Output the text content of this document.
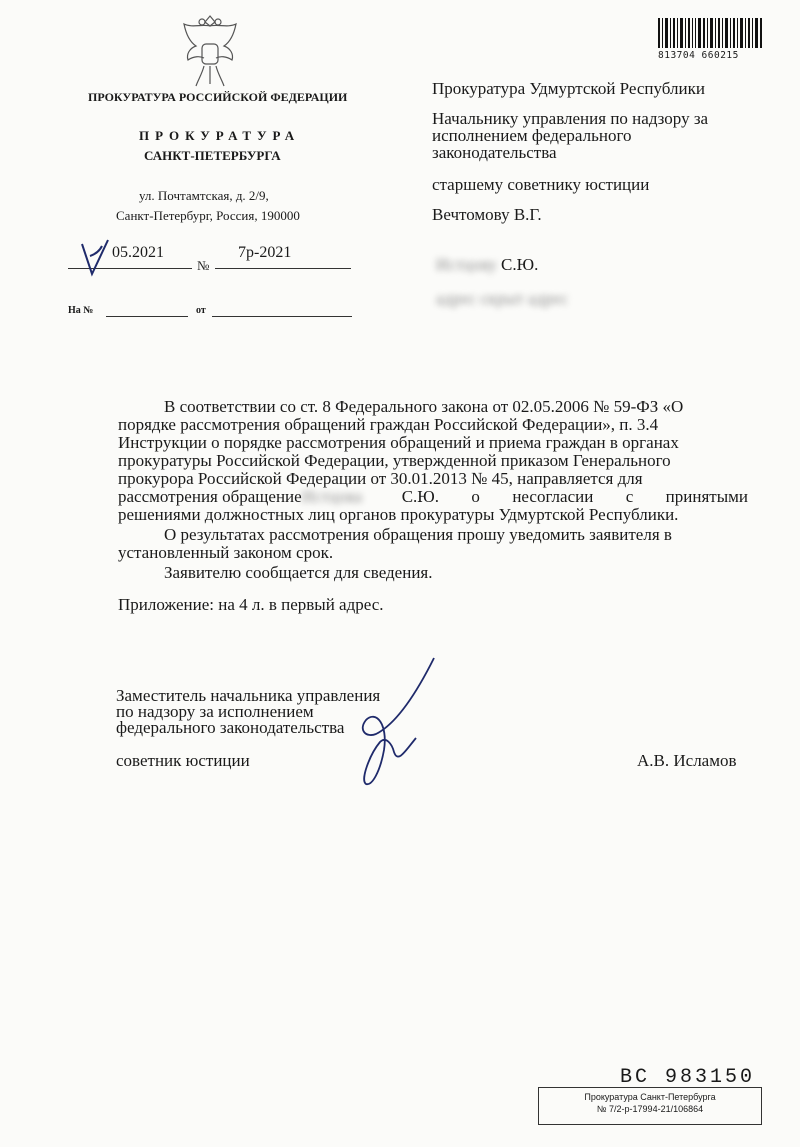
813704 660215
ПРОКУРАТУРА РОССИЙСКОЙ ФЕДЕРАЦИИ
ПРОКУРАТУРА
САНКТ-ПЕТЕРБУРГА
ул. Почтамтская, д. 2/9,
Санкт-Петербург, Россия, 190000
05.2021
№
7р-2021
На №	от
Прокуратура Удмуртской Республики
Начальнику управления по надзору за
исполнением федерального
законодательства
старшему советнику юстиции
Вечтомову В.Г.
Истцову С.Ю.
адрес скрыт адрес
В соответствии со ст. 8 Федерального закона от 02.05.2006 № 59-ФЗ «О
порядке рассмотрения обращений граждан Российской Федерации», п. 3.4
Инструкции о порядке рассмотрения обращений и приема граждан в органах
прокуратуры Российской Федерации, утвержденной приказом Генерального
прокурора Российской Федерации от 30.01.2013 № 45, направляется для
рассмотрения обращение Истцова	С.Ю. о несогласии с принятыми
решениями должностных лиц органов прокуратуры Удмуртской Республики.
О результатах рассмотрения обращения прошу уведомить заявителя в
установленный законом срок.
Заявителю сообщается для сведения.
Приложение: на 4 л. в первый адрес.
Заместитель начальника управления
по надзору за исполнением
федерального законодательства
советник юстиции	А.В. Исламов
ВС 983150
Прокуратура Санкт-Петербурга
№ 7/2-р-17994-21/106864
